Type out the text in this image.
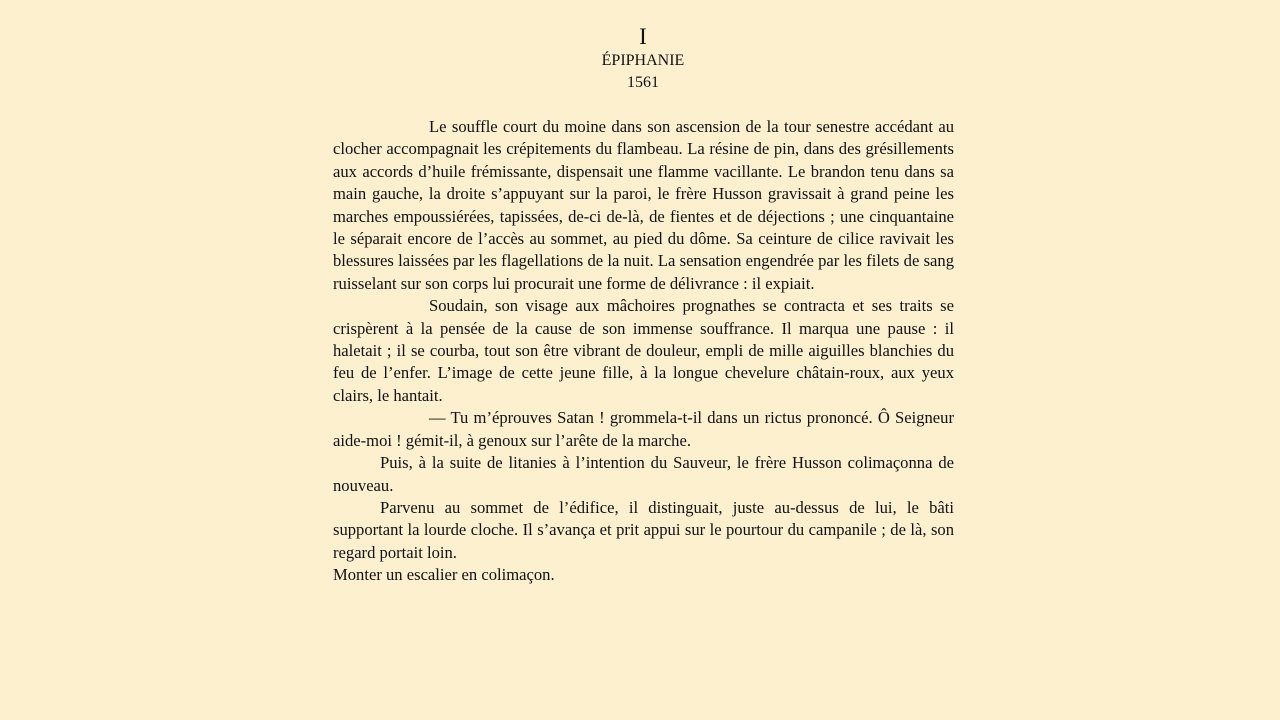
I
ÉPIPHANIE
1561

Le souffle court du moine dans son ascension de la tour senestre accédant au clocher accompagnait les crépitements du flambeau. La résine de pin, dans des grésillements aux accords d’huile frémissante, dispensait une flamme vacillante. Le brandon tenu dans sa main gauche, la droite s’appuyant sur la paroi, le frère Husson gravissait à grand peine les marches empoussiérées, tapissées, de-ci de-là, de fientes et de déjections ; une cinquantaine le séparait encore de l’accès au sommet, au pied du dôme. Sa ceinture de cilice ravivait les blessures laissées par les flagellations de la nuit. La sensation engendrée par les filets de sang ruisselant sur son corps lui procurait une forme de délivrance : il expiait.

Soudain, son visage aux mâchoires prognathes se contracta et ses traits se crispèrent à la pensée de la cause de son immense souffrance. Il marqua une pause : il haletait ; il se courba, tout son être vibrant de douleur, empli de mille aiguilles blanchies du feu de l’enfer. L’image de cette jeune fille, à la longue chevelure châtain-roux, aux yeux clairs, le hantait.

— Tu m’éprouves Satan ! grommela-t-il dans un rictus prononcé. Ô Seigneur aide-moi ! gémit-il, à genoux sur l’arête de la marche.

Puis, à la suite de litanies à l’intention du Sauveur, le frère Husson colimaçonna de nouveau.

Parvenu au sommet de l’édifice, il distinguait, juste au-dessus de lui, le bâti supportant la lourde cloche. Il s’avança et prit appui sur le pourtour du campanile ; de là, son regard portait loin.

Monter un escalier en colimaçon.
